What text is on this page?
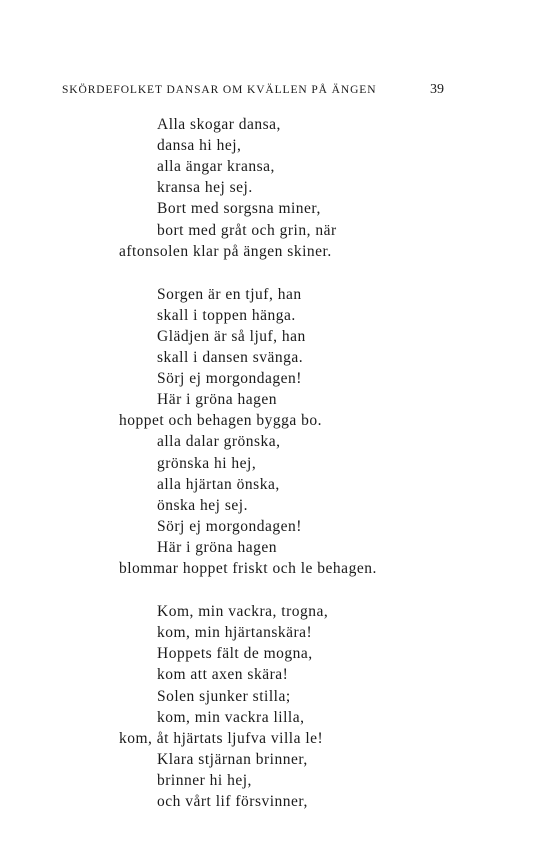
SKÖRDEFOLKET DANSAR OM KVÄLLEN PÅ ÄNGEN	39
Alla skogar dansa,
dansa hi hej,
alla ängar kransa,
kransa hej sej.
Bort med sorgsna miner,
bort med gråt och grin, när
aftonsolen klar på ängen skiner.
Sorgen är en tjuf, han
skall i toppen hänga.
Glädjen är så ljuf, han
skall i dansen svänga.
Sörj ej morgondagen!
Här i gröna hagen
hoppet och behagen bygga bo.
alla dalar grönska,
grönska hi hej,
alla hjärtan önska,
önska hej sej.
Sörj ej morgondagen!
Här i gröna hagen
blommar hoppet friskt och le behagen.
Kom, min vackra, trogna,
kom, min hjärtanskära!
Hoppets fält de mogna,
kom att axen skära!
Solen sjunker stilla;
kom, min vackra lilla,
kom, åt hjärtats ljufva villa le!
Klara stjärnan brinner,
brinner hi hej,
och vårt lif försvinner,
